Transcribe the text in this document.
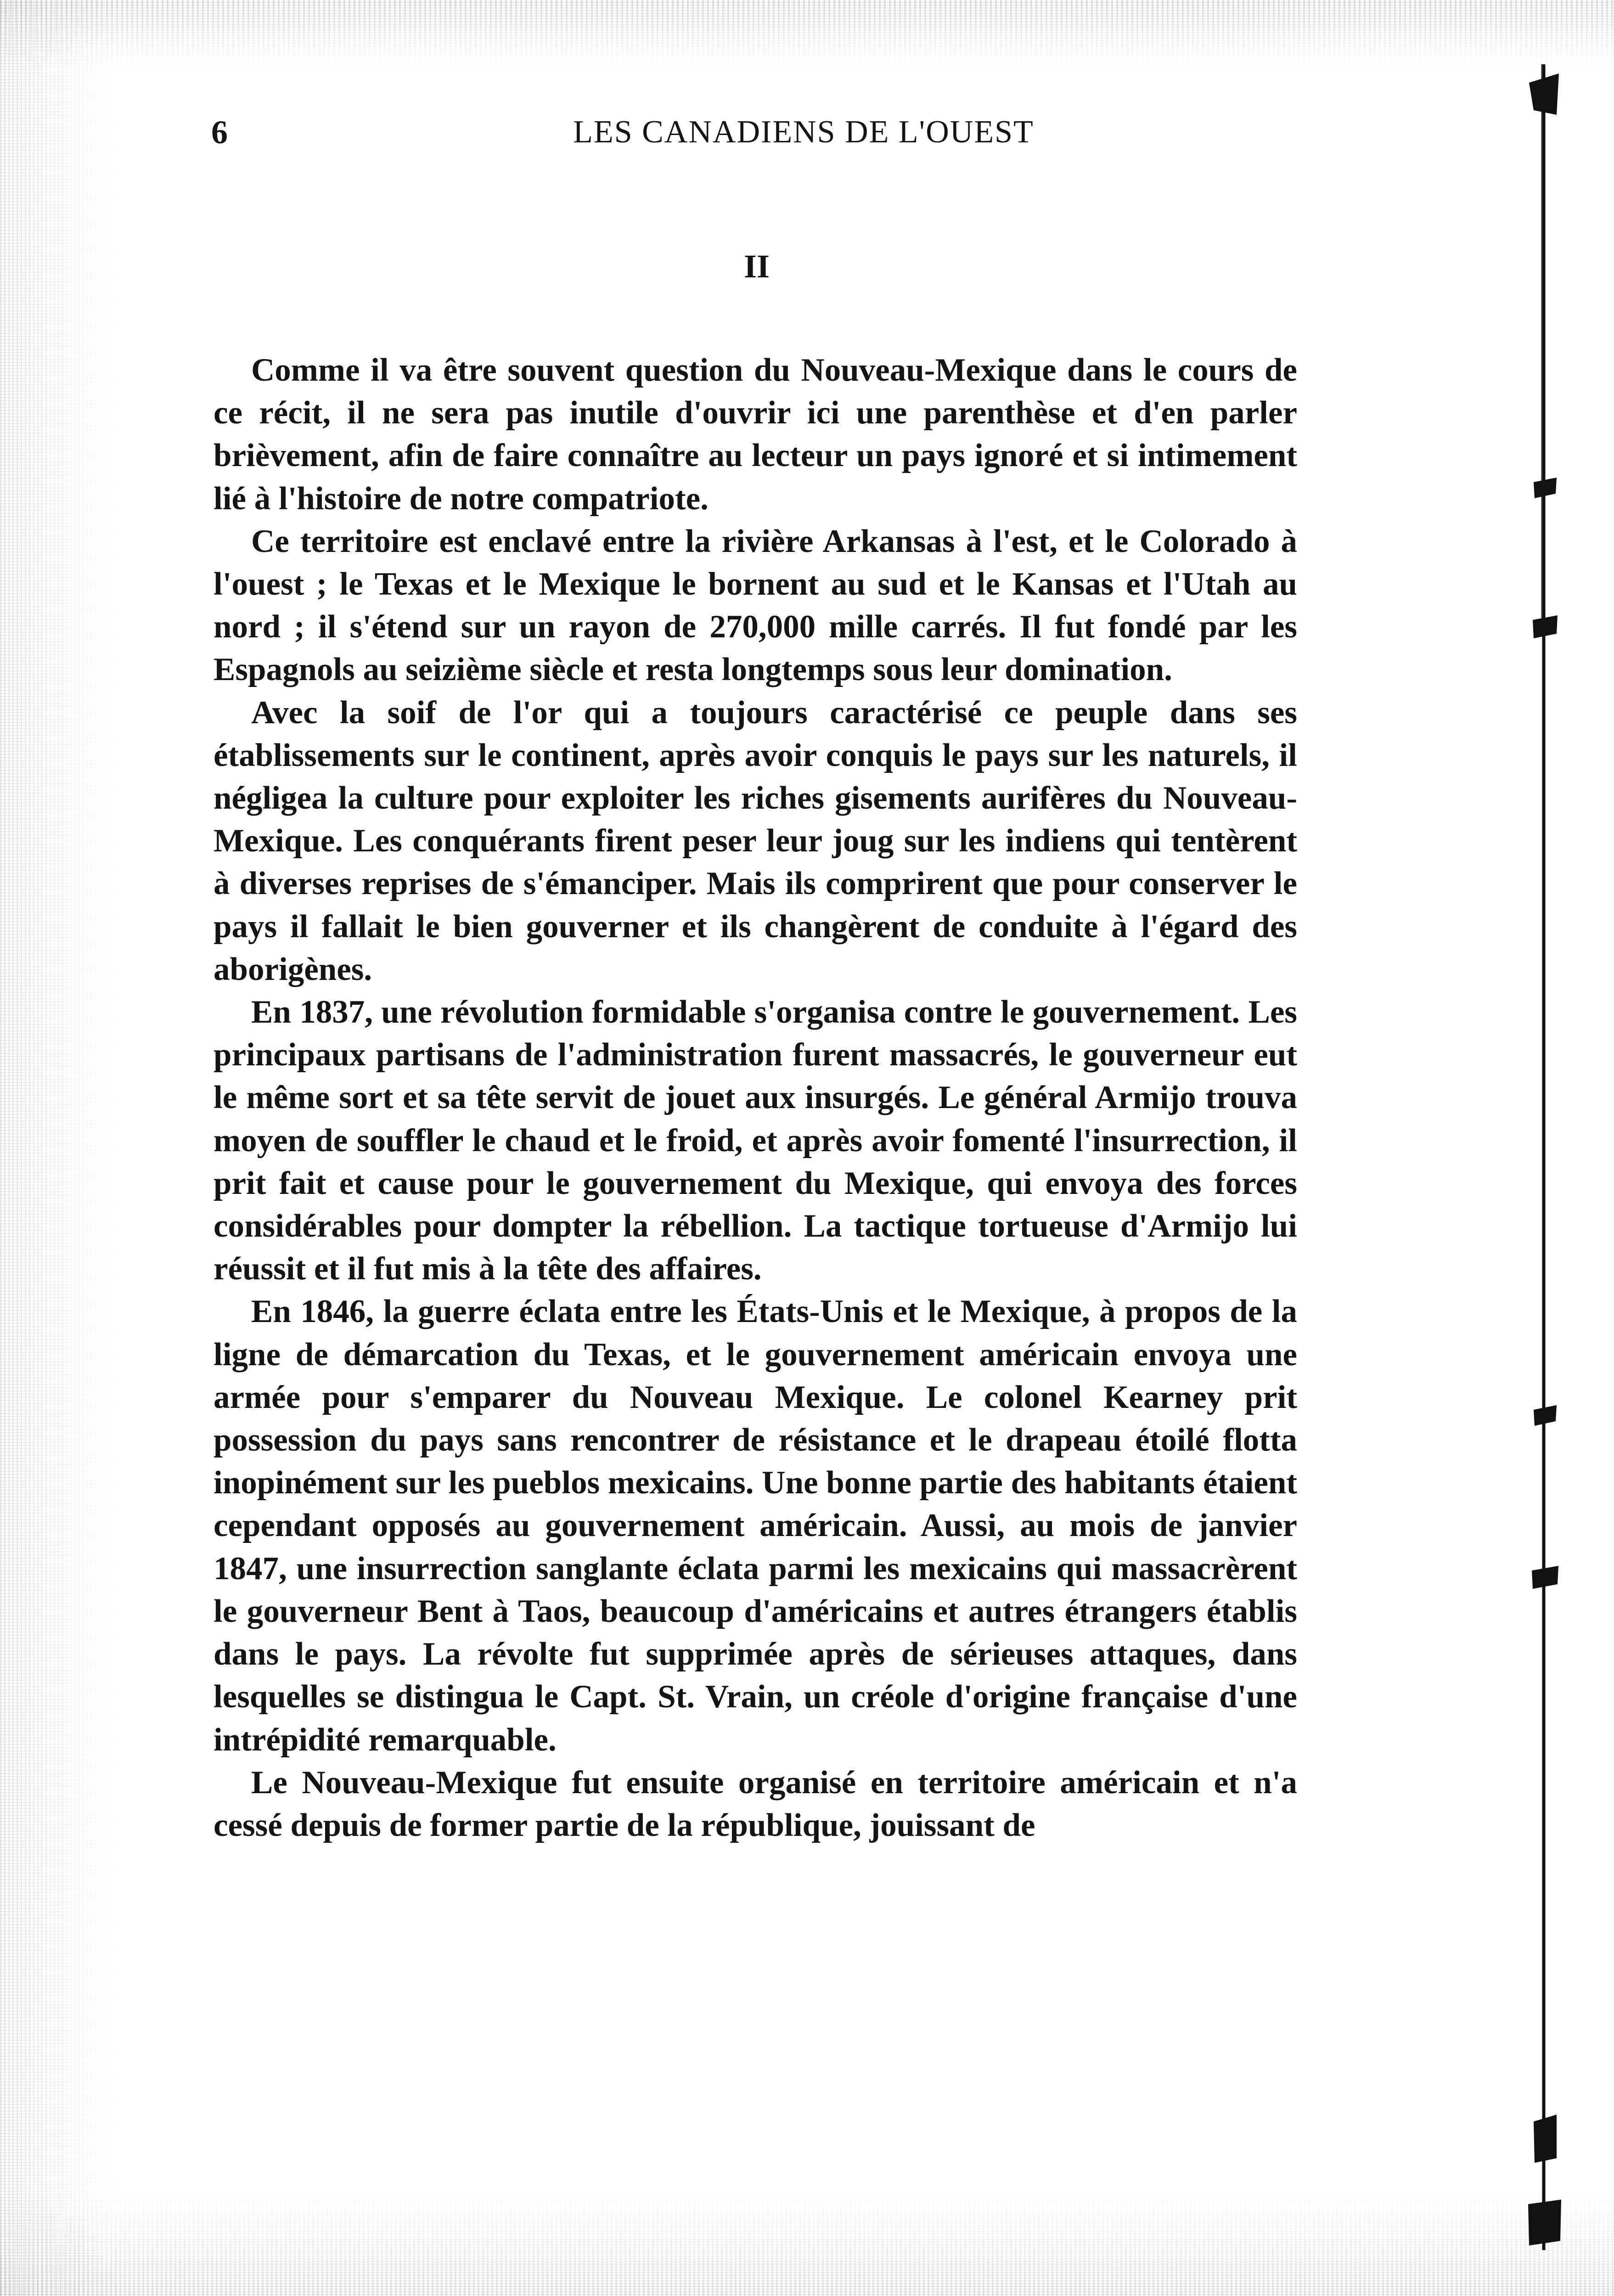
6	LES CANADIENS DE L'OUEST
II

Comme il va être souvent question du Nouveau-Mexique dans le cours de ce récit, il ne sera pas inutile d'ouvrir ici une parenthèse et d'en parler brièvement, afin de faire connaître au lecteur un pays ignoré et si intimement lié à l'histoire de notre compatriote.

Ce territoire est enclavé entre la rivière Arkansas à l'est, et le Colorado à l'ouest ; le Texas et le Mexique le bornent au sud et le Kansas et l'Utah au nord ; il s'étend sur un rayon de 270,000 mille carrés. Il fut fondé par les Espagnols au seizième siècle et resta longtemps sous leur domination.

Avec la soif de l'or qui a toujours caractérisé ce peuple dans ses établissements sur le continent, après avoir conquis le pays sur les naturels, il négligea la culture pour exploiter les riches gisements aurifères du Nouveau-Mexique. Les conquérants firent peser leur joug sur les indiens qui tentèrent à diverses reprises de s'émanciper. Mais ils comprirent que pour conserver le pays il fallait le bien gouverner et ils changèrent de conduite à l'égard des aborigènes.

En 1837, une révolution formidable s'organisa contre le gouvernement. Les principaux partisans de l'administration furent massacrés, le gouverneur eut le même sort et sa tête servit de jouet aux insurgés. Le général Armijo trouva moyen de souffler le chaud et le froid, et après avoir fomenté l'insurrection, il prit fait et cause pour le gouvernement du Mexique, qui envoya des forces considérables pour dompter la rébellion. La tactique tortueuse d'Armijo lui réussit et il fut mis à la tête des affaires.

En 1846, la guerre éclata entre les États-Unis et le Mexique, à propos de la ligne de démarcation du Texas, et le gouvernement américain envoya une armée pour s'emparer du Nouveau Mexique. Le colonel Kearney prit possession du pays sans rencontrer de résistance et le drapeau étoilé flotta inopinément sur les pueblos mexicains. Une bonne partie des habitants étaient cependant opposés au gouvernement américain. Aussi, au mois de janvier 1847, une insurrection sanglante éclata parmi les mexicains qui massacrèrent le gouverneur Bent à Taos, beaucoup d'américains et autres étrangers établis dans le pays. La révolte fut supprimée après de sérieuses attaques, dans lesquelles se distingua le Capt. St. Vrain, un créole d'origine française d'une intrépidité remarquable.

Le Nouveau-Mexique fut ensuite organisé en territoire américain et n'a cessé depuis de former partie de la république, jouissant de
